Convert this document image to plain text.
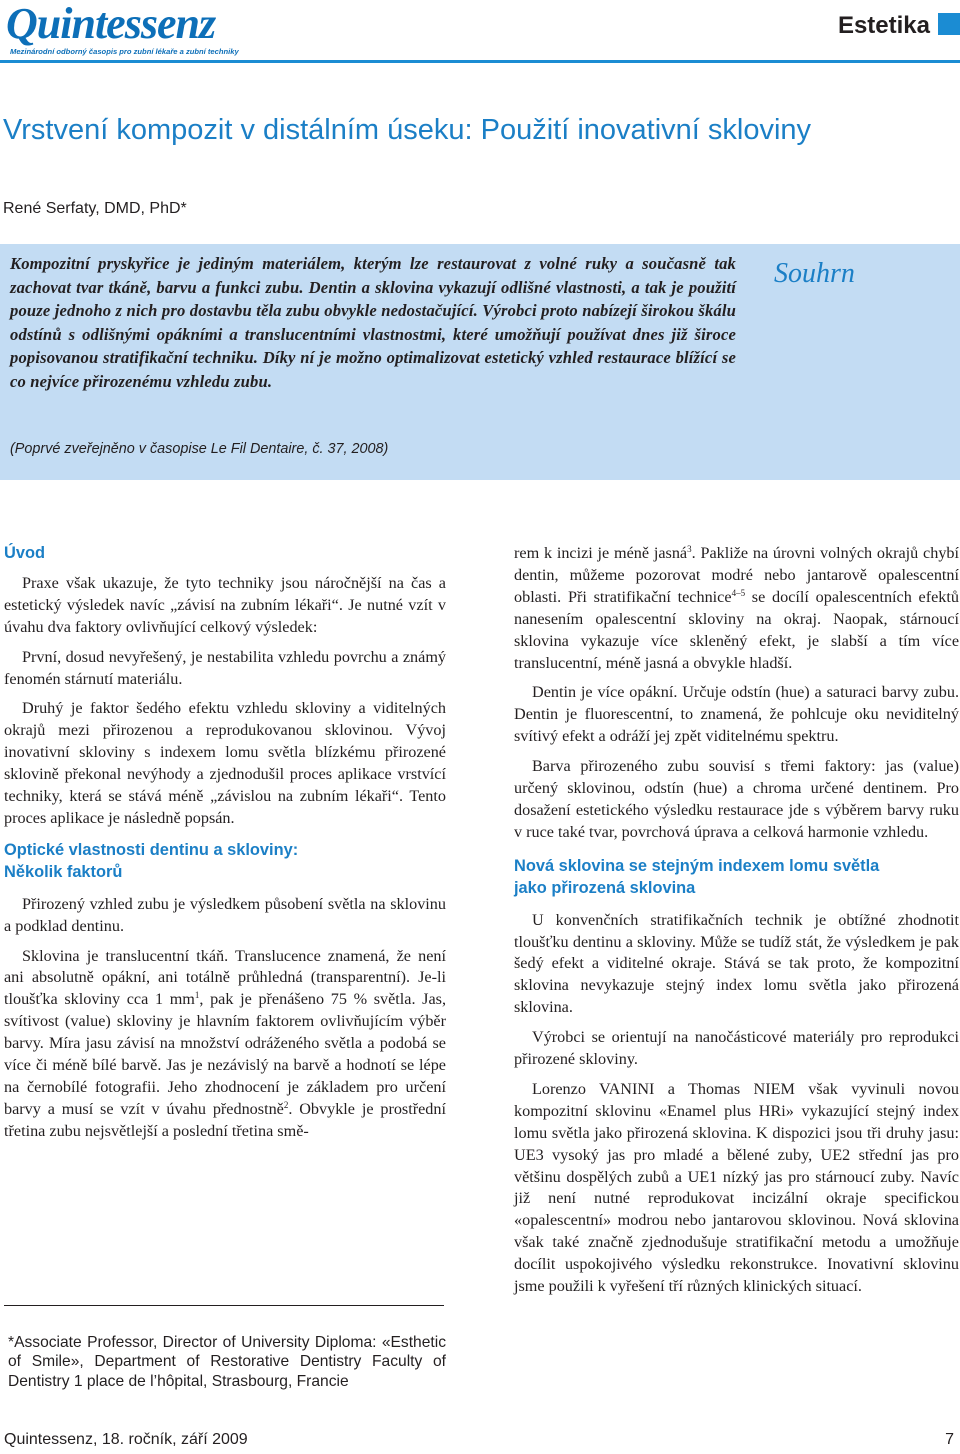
Quintessenz
Mezinárodní odborný časopis pro zubní lékaře a zubní techniky
Estetika
Vrstvení kompozit v distálním úseku: Použití inovativní skloviny
René Serfaty, DMD, PhD*
Kompozitní pryskyřice je jediným materiálem, kterým lze restaurovat z volné ruky a současně tak zachovat tvar tkáně, barvu a funkci zubu. Dentin a sklovina vykazují odlišné vlastnosti, a tak je použití pouze jednoho z nich pro dostavbu těla zubu obvykle nedostačující. Výrobci proto nabízejí širokou škálu odstínů s odlišnými opákními a translucentními vlastnostmi, které umožňují používat dnes již široce popisovanou stratifikační techniku. Díky ní je možno optimalizovat estetický vzhled restaurace blížící se co nejvíce přirozenému vzhledu zubu.
(Poprvé zveřejněno v časopise Le Fil Dentaire, č. 37, 2008)
Souhrn
Úvod

Praxe však ukazuje, že tyto techniky jsou náročnější na čas a estetický výsledek navíc „závisí na zubním lékaři“. Je nutné vzít v úvahu dva faktory ovlivňující celkový výsledek:

První, dosud nevyřešený, je nestabilita vzhledu povrchu a známý fenomén stárnutí materiálu.

Druhý je faktor šedého efektu vzhledu skloviny a viditelných okrajů mezi přirozenou a reprodukovanou sklovinou. Vývoj inovativní skloviny s indexem lomu světla blízkému přirozené sklovině překonal nevýhody a zjednodušil proces aplikace vrstvící techniky, která se stává méně „závislou na zubním lékaři“. Tento proces aplikace je následně popsán.

Optické vlastnosti dentinu a skloviny:
Několik faktorů

Přirozený vzhled zubu je výsledkem působení světla na sklovinu a podklad dentinu.

Sklovina je translucentní tkáň. Translucence znamená, že není ani absolutně opákní, ani totálně průhledná (transparentní). Je-li tloušťka skloviny cca 1 $mm^1$, pak je přenášeno 75 % světla. Jas, svítivost (value) skloviny je hlavním faktorem ovlivňujícím výběr barvy. Míra jasu závisí na množství odráženého světla a podobá se více či méně bílé barvě. Jas je nezávislý na barvě a hodnotí se lépe na černobílé fotografii. Jeho zhodnocení je základem pro určení barvy a musí se vzít v úvahu přednostně$^2$. Obvykle je prostřední třetina zubu nejsvětlejší a poslední třetina smě-

*Associate Professor, Director of University Diploma: «Esthetic of Smile», Department of Restorative Dentistry Faculty of Dentistry 1 place de l’hôpital, Strasbourg, Francie

rem k incizi je méně jasná$^3$. Pakliže na úrovni volných okrajů chybí dentin, můžeme pozorovat modré nebo jantarově opalescentní oblasti. Při stratifikační technice$^{4-5}$ se docílí opalescentních efektů nanesením opalescentní skloviny na okraj. Naopak, stárnoucí sklovina vykazuje více skleněný efekt, je slabší a tím více translucentní, méně jasná a obvykle hladší.

Dentin je více opákní. Určuje odstín (hue) a saturaci barvy zubu. Dentin je fluorescentní, to znamená, že pohlcuje oku neviditelný svítivý efekt a odráží jej zpět viditelnému spektru.

Barva přirozeného zubu souvisí s třemi faktory: jas (value) určený sklovinou, odstín (hue) a chroma určené dentinem. Pro dosažení estetického výsledku restaurace jde s výběrem barvy ruku v ruce také tvar, povrchová úprava a celková harmonie vzhledu.

Nová sklovina se stejným indexem lomu světla
jako přirozená sklovina

U konvenčních stratifikačních technik je obtížné zhodnotit tloušťku dentinu a skloviny. Může se tudíž stát, že výsledkem je pak šedý efekt a viditelné okraje. Stává se tak proto, že kompozitní sklovina nevykazuje stejný index lomu světla jako přirozená sklovina.

Výrobci se orientují na nanočásticové materiály pro reprodukci přirozené skloviny.

Lorenzo VANINI a Thomas NIEM však vyvinuli novou kompozitní sklovinu «Enamel plus HRi» vykazující stejný index lomu světla jako přirozená sklovina. K dispozici jsou tři druhy jasu: UE3 vysoký jas pro mladé a bělené zuby, UE2 střední jas pro většinu dospělých zubů a UE1 nízký jas pro stárnoucí zuby. Navíc již není nutné reprodukovat incizální okraje specifickou «opalescentní» modrou nebo jantarovou sklovinou. Nová sklovina však také značně zjednodušuje stratifikační metodu a umožňuje docílit uspokojivého výsledku rekonstrukce. Inovativní sklovinu jsme použili k vyřešení tří různých klinických situací.

Quintessenz, 18. ročník, září 2009	7
